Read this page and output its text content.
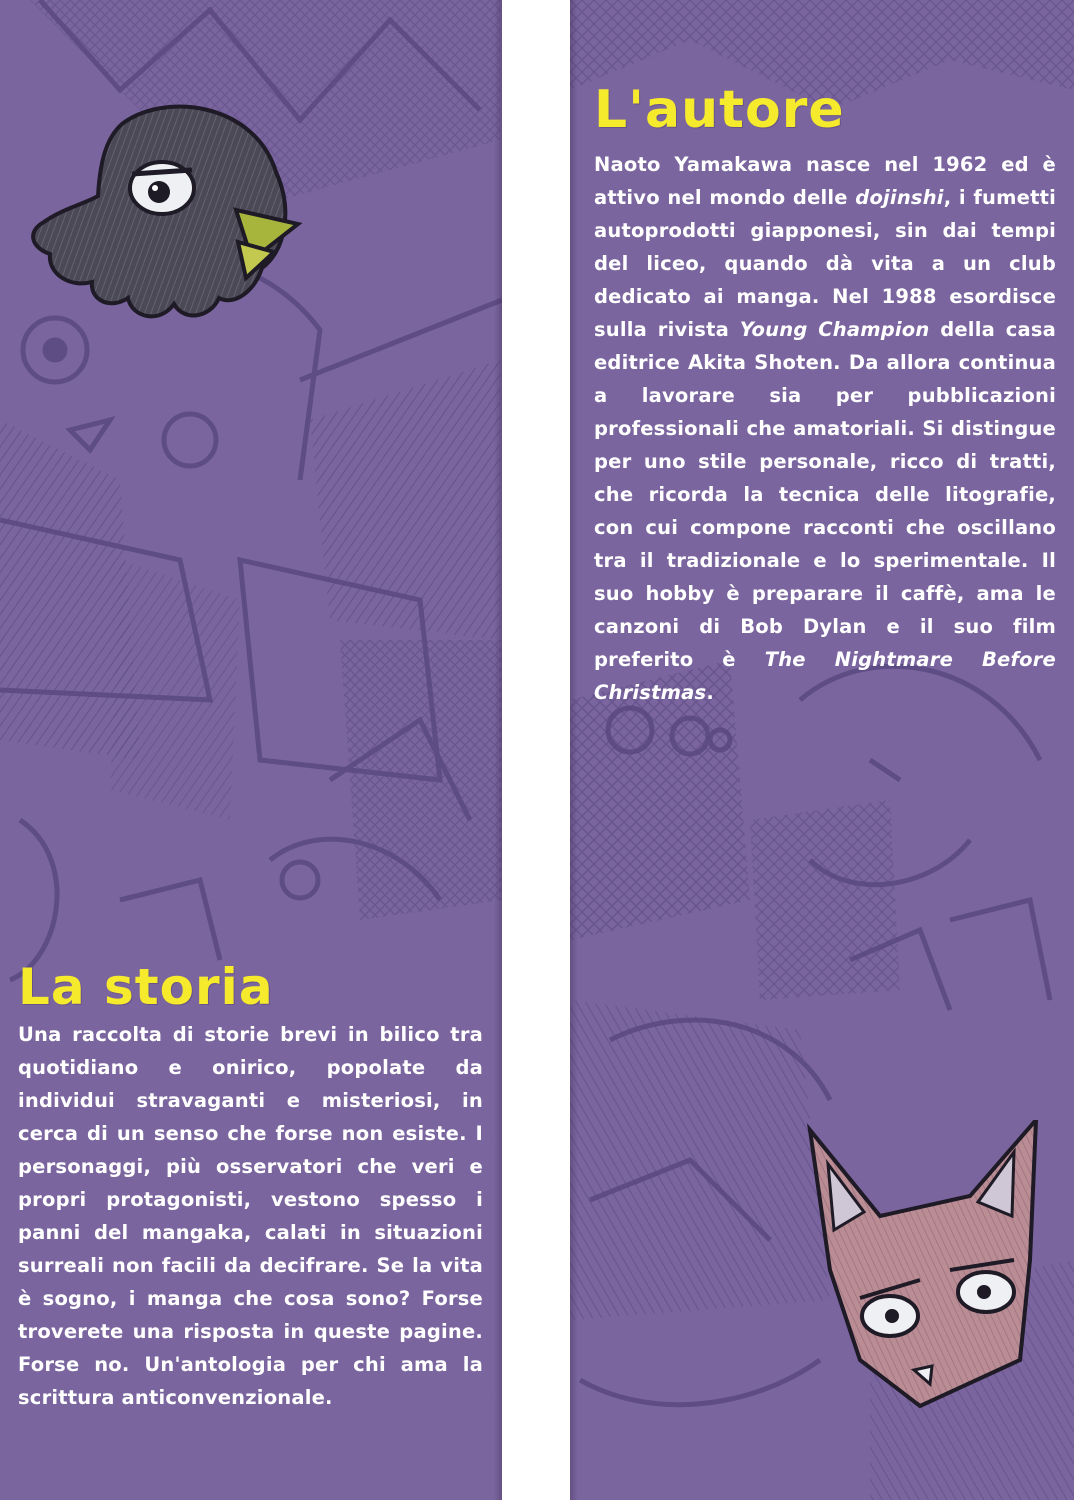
La storia

Una raccolta di storie brevi in bilico tra quotidiano e onirico, popolate da individui stravaganti e misteriosi, in cerca di un senso che forse non esiste. I personaggi, più osservatori che veri e propri protagonisti, vestono spesso i panni del mangaka, calati in situazioni surreali non facili da decifrare. Se la vita è sogno, i manga che cosa sono? Forse troverete una risposta in queste pagine. Forse no. Un'antologia per chi ama la scrittura anticonvenzionale.

L'autore

Naoto Yamakawa nasce nel 1962 ed è attivo nel mondo delle dojinshi, i fumetti autoprodotti giapponesi, sin dai tempi del liceo, quando dà vita a un club dedicato ai manga. Nel 1988 esordisce sulla rivista Young Champion della casa editrice Akita Shoten. Da allora continua a lavorare sia per pubblicazioni professionali che amatoriali. Si distingue per uno stile personale, ricco di tratti, che ricorda la tecnica delle litografie, con cui compone racconti che oscillano tra il tradizionale e lo sperimentale. Il suo hobby è preparare il caffè, ama le canzoni di Bob Dylan e il suo film preferito è The Nightmare Before Christmas.
